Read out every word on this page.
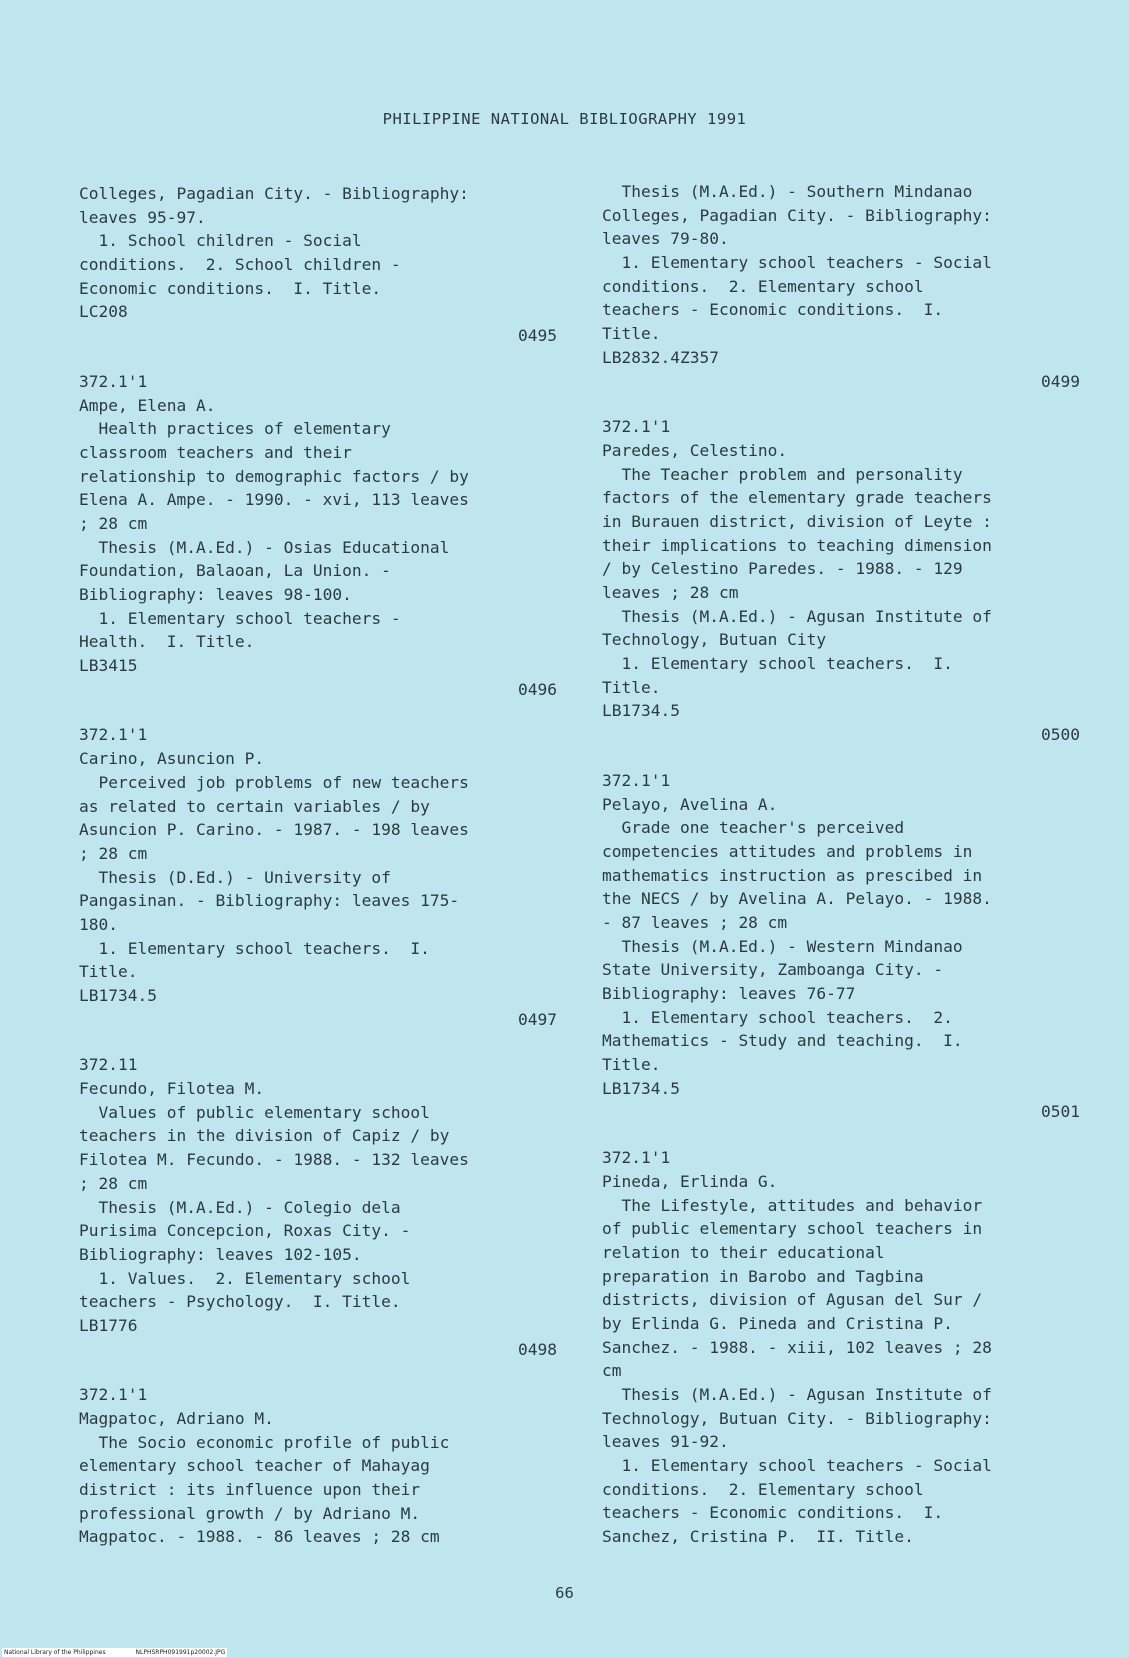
PHILIPPINE NATIONAL BIBLIOGRAPHY 1991
Colleges, Pagadian City. - Bibliography:
leaves 95-97.
1. School children - Social
conditions.  2. School children -
Economic conditions.  I. Title.
LC208
0495
372.1'1
Ampe, Elena A.
Health practices of elementary
classroom teachers and their
relationship to demographic factors / by
Elena A. Ampe. - 1990. - xvi, 113 leaves
; 28 cm
Thesis (M.A.Ed.) - Osias Educational
Foundation, Balaoan, La Union. -
Bibliography: leaves 98-100.
1. Elementary school teachers -
Health.  I. Title.
LB3415
0496
372.1'1
Carino, Asuncion P.
Perceived job problems of new teachers
as related to certain variables / by
Asuncion P. Carino. - 1987. - 198 leaves
; 28 cm
Thesis (D.Ed.) - University of
Pangasinan. - Bibliography: leaves 175-
180.
1. Elementary school teachers.  I.
Title.
LB1734.5
0497
372.11
Fecundo, Filotea M.
Values of public elementary school
teachers in the division of Capiz / by
Filotea M. Fecundo. - 1988. - 132 leaves
; 28 cm
Thesis (M.A.Ed.) - Colegio dela
Purisima Concepcion, Roxas City. -
Bibliography: leaves 102-105.
1. Values.  2. Elementary school
teachers - Psychology.  I. Title.
LB1776
0498
372.1'1
Magpatoc, Adriano M.
The Socio economic profile of public
elementary school teacher of Mahayag
district : its influence upon their
professional growth / by Adriano M.
Magpatoc. - 1988. - 86 leaves ; 28 cm
Thesis (M.A.Ed.) - Southern Mindanao
Colleges, Pagadian City. - Bibliography:
leaves 79-80.
1. Elementary school teachers - Social
conditions.  2. Elementary school
teachers - Economic conditions.  I.
Title.
LB2832.4Z357
0499
372.1'1
Paredes, Celestino.
The Teacher problem and personality
factors of the elementary grade teachers
in Burauen district, division of Leyte :
their implications to teaching dimension
/ by Celestino Paredes. - 1988. - 129
leaves ; 28 cm
Thesis (M.A.Ed.) - Agusan Institute of
Technology, Butuan City
1. Elementary school teachers.  I.
Title.
LB1734.5
0500
372.1'1
Pelayo, Avelina A.
Grade one teacher's perceived
competencies attitudes and problems in
mathematics instruction as prescibed in
the NECS / by Avelina A. Pelayo. - 1988.
- 87 leaves ; 28 cm
Thesis (M.A.Ed.) - Western Mindanao
State University, Zamboanga City. -
Bibliography: leaves 76-77
1. Elementary school teachers.  2.
Mathematics - Study and teaching.  I.
Title.
LB1734.5
0501
372.1'1
Pineda, Erlinda G.
The Lifestyle, attitudes and behavior
of public elementary school teachers in
relation to their educational
preparation in Barobo and Tagbina
districts, division of Agusan del Sur /
by Erlinda G. Pineda and Cristina P.
Sanchez. - 1988. - xiii, 102 leaves ; 28
cm
Thesis (M.A.Ed.) - Agusan Institute of
Technology, Butuan City. - Bibliography:
leaves 91-92.
1. Elementary school teachers - Social
conditions.  2. Elementary school
teachers - Economic conditions.  I.
Sanchez, Cristina P.  II. Title.
66
National Library of the Philippines	NLPHSRPH091991p20002.JPG
